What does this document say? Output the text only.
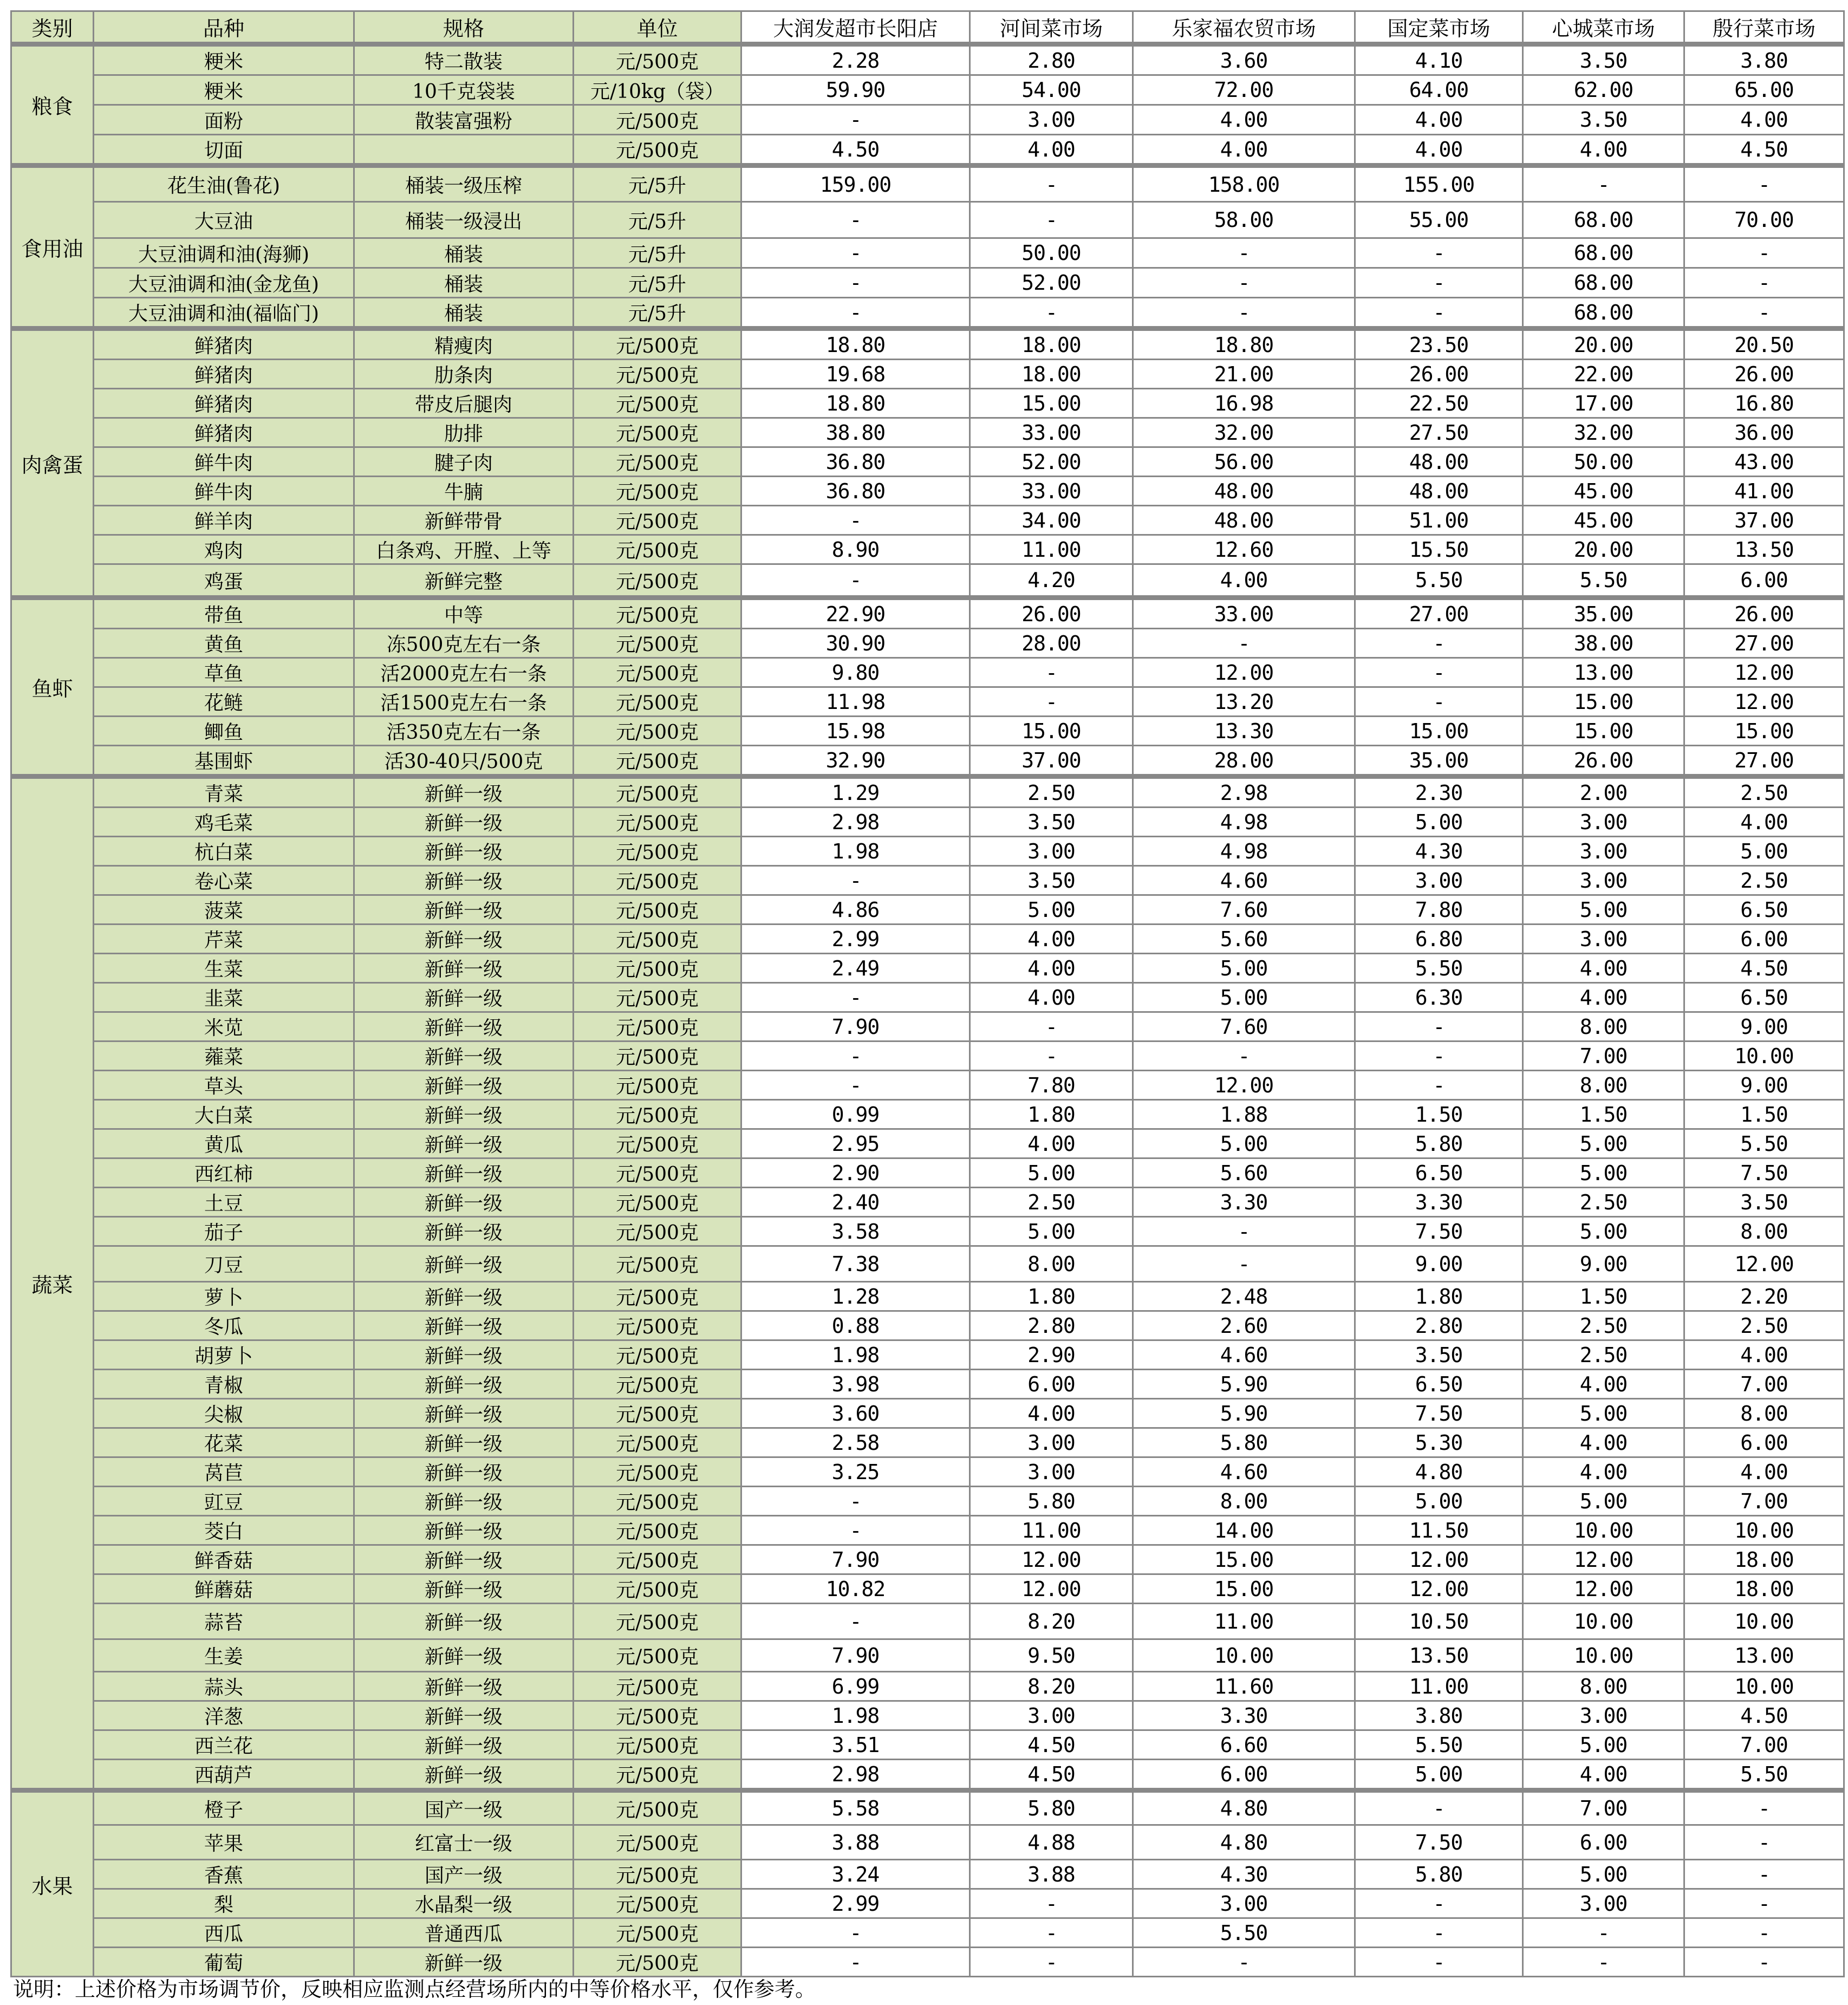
类别	品种	规格	单位	大润发超市长阳店	河间菜市场	乐家福农贸市场	国定菜市场	心城菜市场	殷行菜市场
粮食	粳米	特二散装	元/500克	2.28	2.80	3.60	4.10	3.50	3.80
	粳米	10千克袋装	元/10kg（袋）	59.90	54.00	72.00	64.00	62.00	65.00
	面粉	散装富强粉	元/500克	-	3.00	4.00	4.00	3.50	4.00
	切面		元/500克	4.50	4.00	4.00	4.00	4.00	4.50
食用油	花生油(鲁花)	桶装一级压榨	元/5升	159.00	-	158.00	155.00	-	-
	大豆油	桶装一级浸出	元/5升	-	-	58.00	55.00	68.00	70.00
	大豆油调和油(海狮)	桶装	元/5升	-	50.00	-	-	68.00	-
	大豆油调和油(金龙鱼)	桶装	元/5升	-	52.00	-	-	68.00	-
	大豆油调和油(福临门)	桶装	元/5升	-	-	-	-	68.00	-
肉禽蛋	鲜猪肉	精瘦肉	元/500克	18.80	18.00	18.80	23.50	20.00	20.50
	鲜猪肉	肋条肉	元/500克	19.68	18.00	21.00	26.00	22.00	26.00
	鲜猪肉	带皮后腿肉	元/500克	18.80	15.00	16.98	22.50	17.00	16.80
	鲜猪肉	肋排	元/500克	38.80	33.00	32.00	27.50	32.00	36.00
	鲜牛肉	腱子肉	元/500克	36.80	52.00	56.00	48.00	50.00	43.00
	鲜牛肉	牛腩	元/500克	36.80	33.00	48.00	48.00	45.00	41.00
	鲜羊肉	新鲜带骨	元/500克	-	34.00	48.00	51.00	45.00	37.00
	鸡肉	白条鸡、开膛、上等	元/500克	8.90	11.00	12.60	15.50	20.00	13.50
	鸡蛋	新鲜完整	元/500克	-	4.20	4.00	5.50	5.50	6.00
鱼虾	带鱼	中等	元/500克	22.90	26.00	33.00	27.00	35.00	26.00
	黄鱼	冻500克左右一条	元/500克	30.90	28.00	-	-	38.00	27.00
	草鱼	活2000克左右一条	元/500克	9.80	-	12.00	-	13.00	12.00
	花鲢	活1500克左右一条	元/500克	11.98	-	13.20	-	15.00	12.00
	鲫鱼	活350克左右一条	元/500克	15.98	15.00	13.30	15.00	15.00	15.00
	基围虾	活30-40只/500克	元/500克	32.90	37.00	28.00	35.00	26.00	27.00
蔬菜	青菜	新鲜一级	元/500克	1.29	2.50	2.98	2.30	2.00	2.50
	鸡毛菜	新鲜一级	元/500克	2.98	3.50	4.98	5.00	3.00	4.00
	杭白菜	新鲜一级	元/500克	1.98	3.00	4.98	4.30	3.00	5.00
	卷心菜	新鲜一级	元/500克	-	3.50	4.60	3.00	3.00	2.50
	菠菜	新鲜一级	元/500克	4.86	5.00	7.60	7.80	5.00	6.50
	芹菜	新鲜一级	元/500克	2.99	4.00	5.60	6.80	3.00	6.00
	生菜	新鲜一级	元/500克	2.49	4.00	5.00	5.50	4.00	4.50
	韭菜	新鲜一级	元/500克	-	4.00	5.00	6.30	4.00	6.50
	米苋	新鲜一级	元/500克	7.90	-	7.60	-	8.00	9.00
	蕹菜	新鲜一级	元/500克	-	-	-	-	7.00	10.00
	草头	新鲜一级	元/500克	-	7.80	12.00	-	8.00	9.00
	大白菜	新鲜一级	元/500克	0.99	1.80	1.88	1.50	1.50	1.50
	黄瓜	新鲜一级	元/500克	2.95	4.00	5.00	5.80	5.00	5.50
	西红柿	新鲜一级	元/500克	2.90	5.00	5.60	6.50	5.00	7.50
	土豆	新鲜一级	元/500克	2.40	2.50	3.30	3.30	2.50	3.50
	茄子	新鲜一级	元/500克	3.58	5.00	-	7.50	5.00	8.00
	刀豆	新鲜一级	元/500克	7.38	8.00	-	9.00	9.00	12.00
	萝卜	新鲜一级	元/500克	1.28	1.80	2.48	1.80	1.50	2.20
	冬瓜	新鲜一级	元/500克	0.88	2.80	2.60	2.80	2.50	2.50
	胡萝卜	新鲜一级	元/500克	1.98	2.90	4.60	3.50	2.50	4.00
	青椒	新鲜一级	元/500克	3.98	6.00	5.90	6.50	4.00	7.00
	尖椒	新鲜一级	元/500克	3.60	4.00	5.90	7.50	5.00	8.00
	花菜	新鲜一级	元/500克	2.58	3.00	5.80	5.30	4.00	6.00
	莴苣	新鲜一级	元/500克	3.25	3.00	4.60	4.80	4.00	4.00
	豇豆	新鲜一级	元/500克	-	5.80	8.00	5.00	5.00	7.00
	茭白	新鲜一级	元/500克	-	11.00	14.00	11.50	10.00	10.00
	鲜香菇	新鲜一级	元/500克	7.90	12.00	15.00	12.00	12.00	18.00
	鲜蘑菇	新鲜一级	元/500克	10.82	12.00	15.00	12.00	12.00	18.00
	蒜苔	新鲜一级	元/500克	-	8.20	11.00	10.50	10.00	10.00
	生姜	新鲜一级	元/500克	7.90	9.50	10.00	13.50	10.00	13.00
	蒜头	新鲜一级	元/500克	6.99	8.20	11.60	11.00	8.00	10.00
	洋葱	新鲜一级	元/500克	1.98	3.00	3.30	3.80	3.00	4.50
	西兰花	新鲜一级	元/500克	3.51	4.50	6.60	5.50	5.00	7.00
	西葫芦	新鲜一级	元/500克	2.98	4.50	6.00	5.00	4.00	5.50
水果	橙子	国产一级	元/500克	5.58	5.80	4.80	-	7.00	-
	苹果	红富士一级	元/500克	3.88	4.88	4.80	7.50	6.00	-
	香蕉	国产一级	元/500克	3.24	3.88	4.30	5.80	5.00	-
	梨	水晶梨一级	元/500克	2.99	-	3.00	-	3.00	-
	西瓜	普通西瓜	元/500克	-	-	5.50	-	-	-
	葡萄	新鲜一级	元/500克	-	-	-	-	-	-
说明：上述价格为市场调节价，反映相应监测点经营场所内的中等价格水平，仅作参考。
